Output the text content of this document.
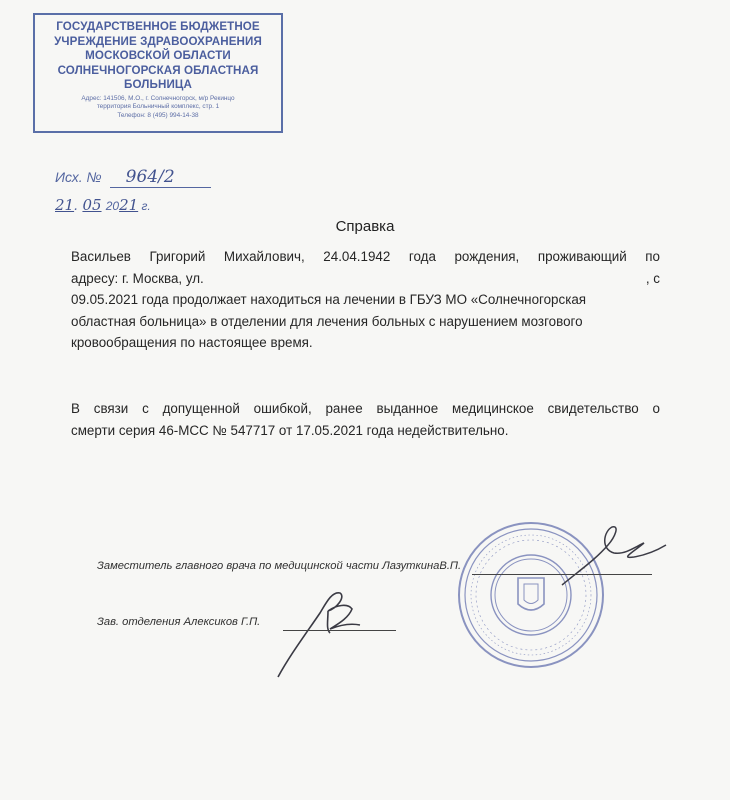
ГОСУДАРСТВЕННОЕ БЮДЖЕТНОЕ
УЧРЕЖДЕНИЕ ЗДРАВООХРАНЕНИЯ
МОСКОВСКОЙ ОБЛАСТИ
СОЛНЕЧНОГОРСКАЯ ОБЛАСТНАЯ
БОЛЬНИЦА
Адрес: 141506, М.О., г. Солнечногорск, м/р Рекинцо
территория Больничный комплекс, стр. 1
Телефон: 8 (495) 994-14-38
Исх. № 964/2
21. 05 2021 г.
Справка
Васильев Григорий Михайлович, 24.04.1942 года рождения, проживающий по
адресу: г. Москва, ул.	, с
09.05.2021 года продолжает находиться на лечении в ГБУЗ МО «Солнечногорская
областная больница» в отделении для лечения больных с нарушением мозгового
кровообращения по настоящее время.
В связи с допущенной ошибкой, ранее выданное медицинское свидетельство о
смерти серия 46-МСС № 547717 от 17.05.2021 года недействительно.
Заместитель главного врача по медицинской части ЛазуткинаВ.П.
Зав. отделения Алексиков Г.П.
